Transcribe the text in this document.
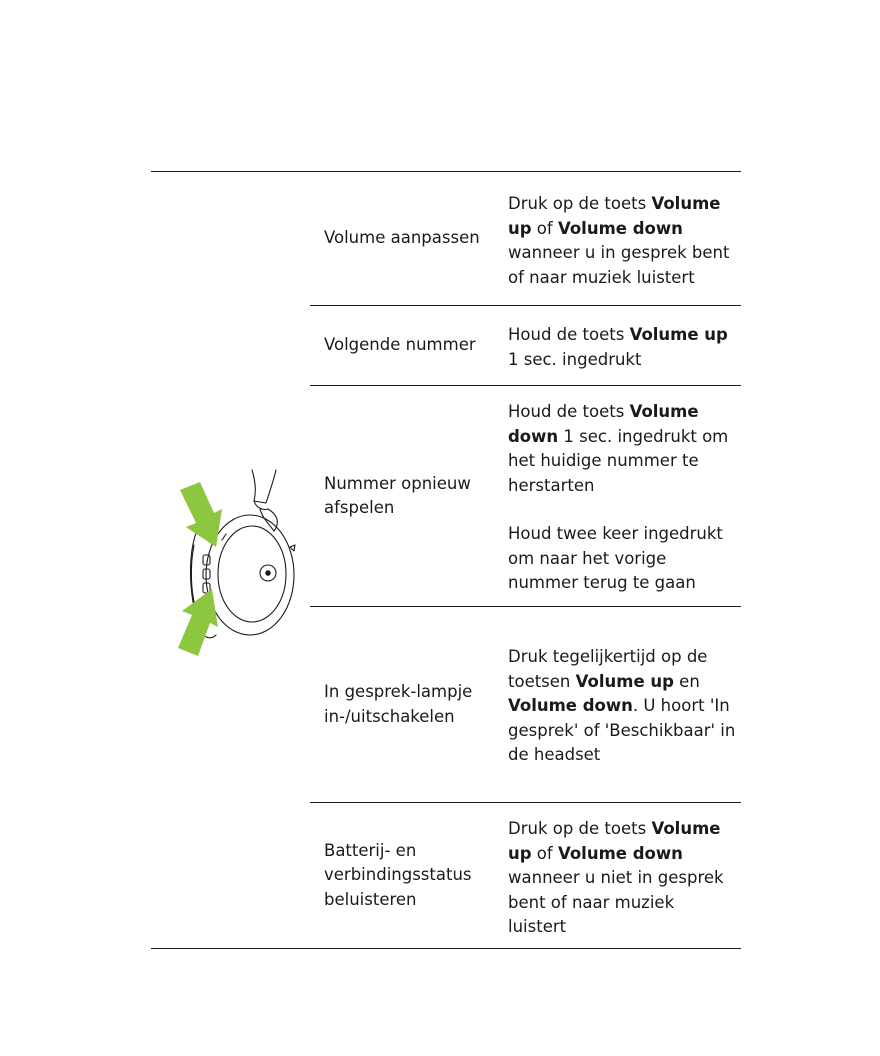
Volume aanpassen

Druk op de toets Volume up of Volume down wanneer u in gesprek bent of naar muziek luistert

Volgende nummer

Houd de toets Volume up 1 sec. ingedrukt

Nummer opnieuw afspelen

Houd de toets Volume down 1 sec. ingedrukt om het huidige nummer te herstarten

Houd twee keer ingedrukt om naar het vorige nummer terug te gaan

In gesprek-lampje in-/uitschakelen

Druk tegelijkertijd op de toetsen Volume up en Volume down. U hoort 'In gesprek' of 'Beschikbaar' in de headset

Batterij- en verbindingsstatus beluisteren

Druk op de toets Volume up of Volume down wanneer u niet in gesprek bent of naar muziek luistert
